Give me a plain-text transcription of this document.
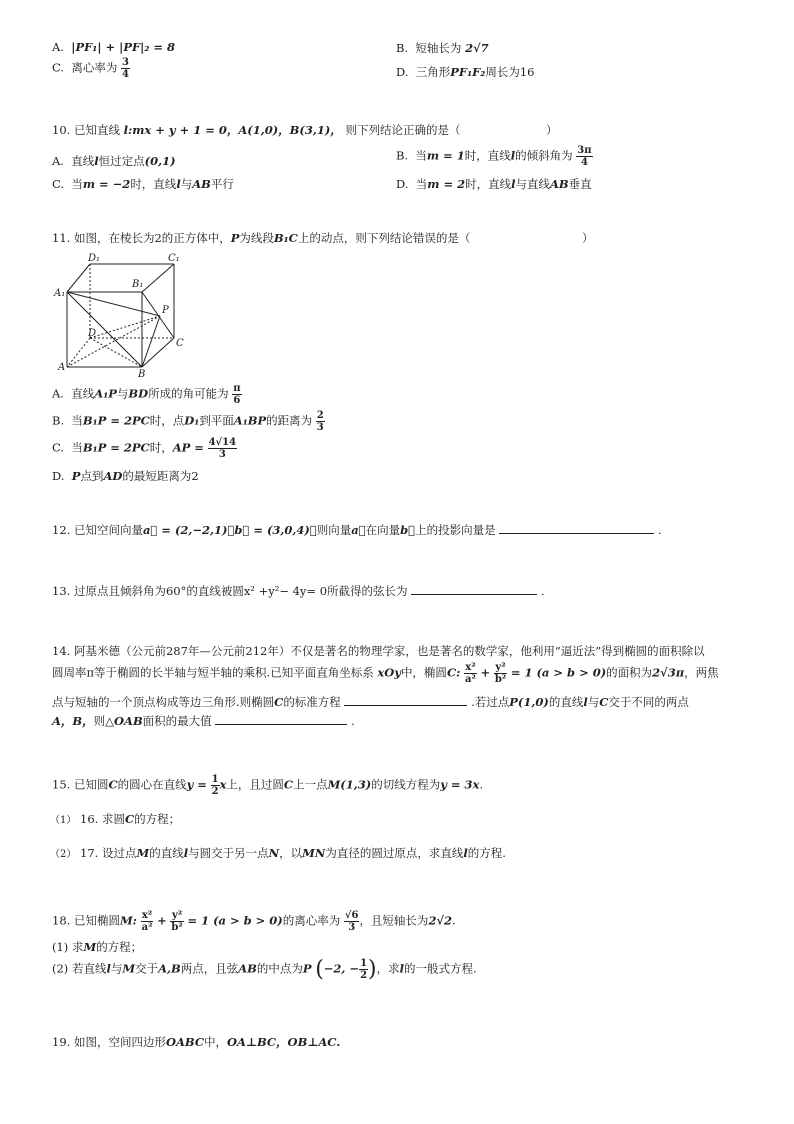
A. |PF₁| + |PF|₂ = 8	B. 短轴长为 2√7
C. 离心率为 $\frac{3}{4}$	D. 三角形PF₁F₂周长为16
10. 已知直线 l:mx + y + 1 = 0，A(1,0)，B(3,1)， 则下列结论正确的是（	）
A. 直线l恒过定点(0,1)	B. 当m = 1时，直线l的倾斜角为 $\frac{3\pi}{4}$
C. 当m = −2时，直线l与AB平行	D. 当m = 2时，直线l与直线AB垂直
11. 如图，在棱长为2的正方体中，P为线段B₁C上的动点，则下列结论错误的是（	）
D₁	C₁
A₁
B₁
P
D
C
A
B
A. 直线A₁P与BD所成的角可能为 $\frac{\pi}{6}$
B. 当B₁P = 2PC时，点D₁到平面A₁BP的距离为 $\frac{2}{3}$
C. 当B₁P = 2PC时，AP = $\frac{4√14}{3}$
D. P点到AD的最短距离为2
12. 已知空间向量a⃗ = (2,−2,1)，b⃗ = (3,0,4)，则向量a⃗在向量b⃗上的投影向量是	.
13. 过原点且倾斜角为60°的直线被圆x² +y²− 4y= 0所截得的弦长为	.
14. 阿基米德（公元前287年—公元前212年）不仅是著名的物理学家，也是著名的数学家，他利用“逼近法”得到椭圆的面积除以
圆周率π等于椭圆的长半轴与短半轴的乘积.已知平面直角坐标系 xOy中，椭圆C: $\frac{\text{x²}}{\text{a²}} + \frac{\text{y²}}{\text{b²}} = 1$ (a > b > 0)的面积为2√3π，两焦
点与短轴的一个顶点构成等边三角形.则椭圆C的标准方程	.若过点P(1,0)的直线l与C交于不同的两点
A，B，则△OAB面积的最大值	.
15. 已知圆C的圆心在直线$y = \frac{1}{2}$ x上，且过圆C上一点M(1,3)的切线方程为y = 3x.
（1） 16. 求圆C的方程；
（2） 17. 设过点M的直线l与圆交于另一点N，以MN为直径的圆过原点，求直线l的方程.
18. 已知椭圆M: $\frac{\text{x²}}{\text{a²}} + \frac{\text{y²}}{\text{b²}} = 1$ (a > b > 0)的离心率为 $\frac{√6}{3}$ ，且短轴长为2√2.
(1) 求M的方程；
(2) 若直线l与M交于A,B两点，且弦AB的中点为P (−2, − $\frac{1}{2}$ )，求l的一般式方程.
19. 如图，空间四边形OABC中，OA⊥BC，OB⊥AC.
